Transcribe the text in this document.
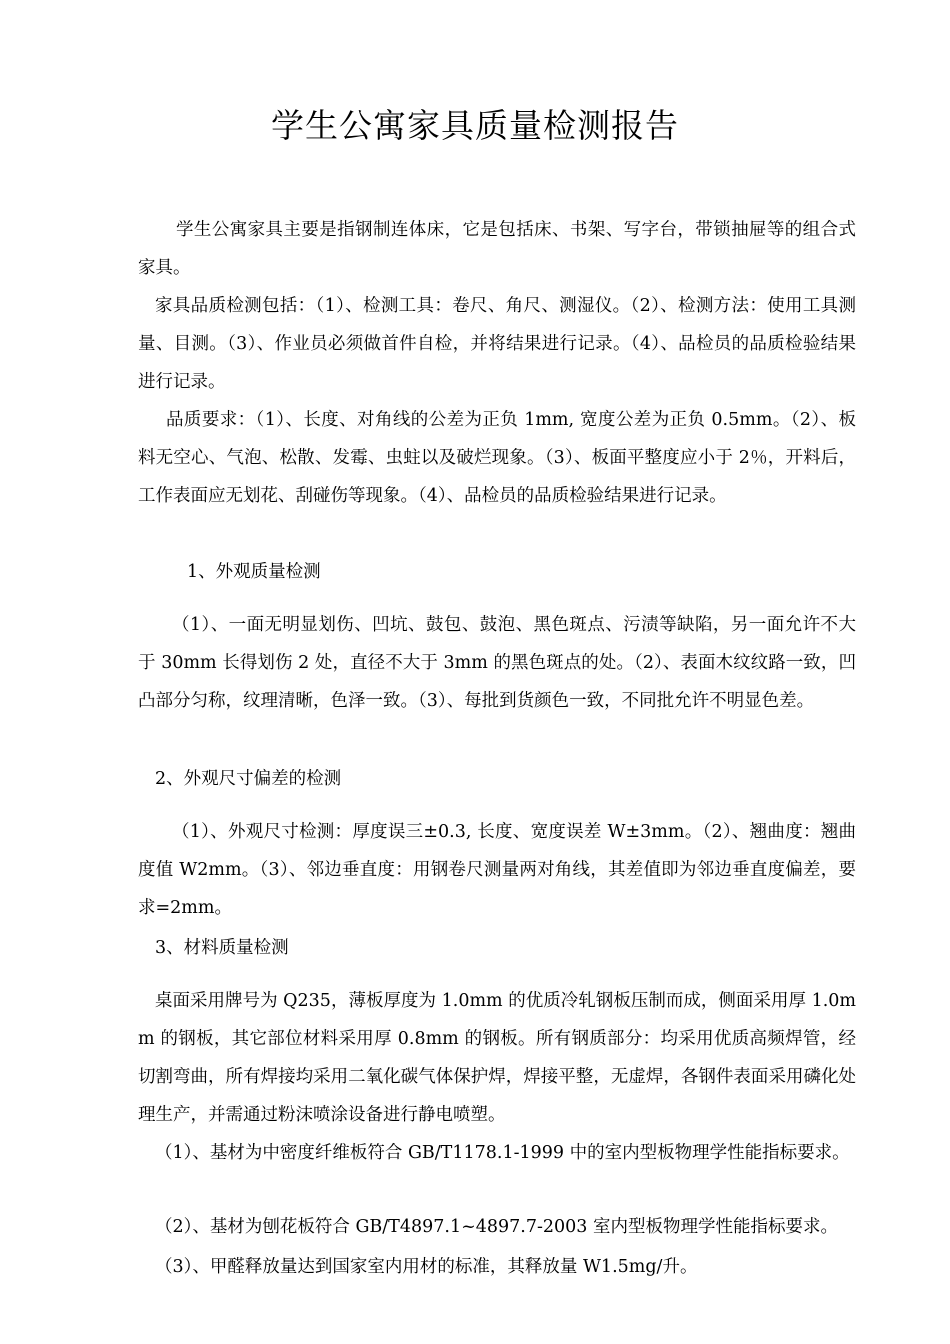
学生公寓家具质量检测报告

学生公寓家具主要是指钢制连体床，它是包括床、书架、写字台，带锁抽屉等的组合式家具。

家具品质检测包括：（1）、检测工具：卷尺、角尺、测湿仪。（2）、检测方法：使用工具测量、目测。（3）、作业员必须做首件自检，并将结果进行记录。（4）、品检员的品质检验结果进行记录。

品质要求：（1）、长度、对角线的公差为正负 1mm, 宽度公差为正负 0.5mm。（2）、板料无空心、气泡、松散、发霉、虫蛀以及破烂现象。（3）、板面平整度应小于 2％，开料后，工作表面应无划花、刮碰伤等现象。（4）、品检员的品质检验结果进行记录。

1、外观质量检测

（1）、一面无明显划伤、凹坑、鼓包、鼓泡、黑色斑点、污渍等缺陷，另一面允许不大于 30mm 长得划伤 2 处，直径不大于 3mm 的黑色斑点的处。（2）、表面木纹纹路一致，凹凸部分匀称，纹理清晰，色泽一致。（3）、每批到货颜色一致，不同批允许不明显色差。

2、外观尺寸偏差的检测

（1）、外观尺寸检测：厚度误三±0.3, 长度、宽度误差 W±3mm。（2）、翘曲度：翘曲度值 W2mm。（3）、邻边垂直度：用钢卷尺测量两对角线，其差值即为邻边垂直度偏差，要求=2mm。

3、材料质量检测

桌面采用牌号为 Q235，薄板厚度为 1.0mm 的优质冷轧钢板压制而成，侧面采用厚 1.0mm 的钢板，其它部位材料采用厚 0.8mm 的钢板。所有钢质部分：均采用优质高频焊管，经切割弯曲，所有焊接均采用二氧化碳气体保护焊，焊接平整，无虚焊，各钢件表面采用磷化处理生产，并需通过粉沫喷涂设备进行静电喷塑。

（1）、基材为中密度纤维板符合 GB/T1178.1-1999 中的室内型板物理学性能指标要求。

（2）、基材为刨花板符合 GB/T4897.1~4897.7-2003 室内型板物理学性能指标要求。

（3）、甲醛释放量达到国家室内用材的标准，其释放量 W1.5mg/升。
